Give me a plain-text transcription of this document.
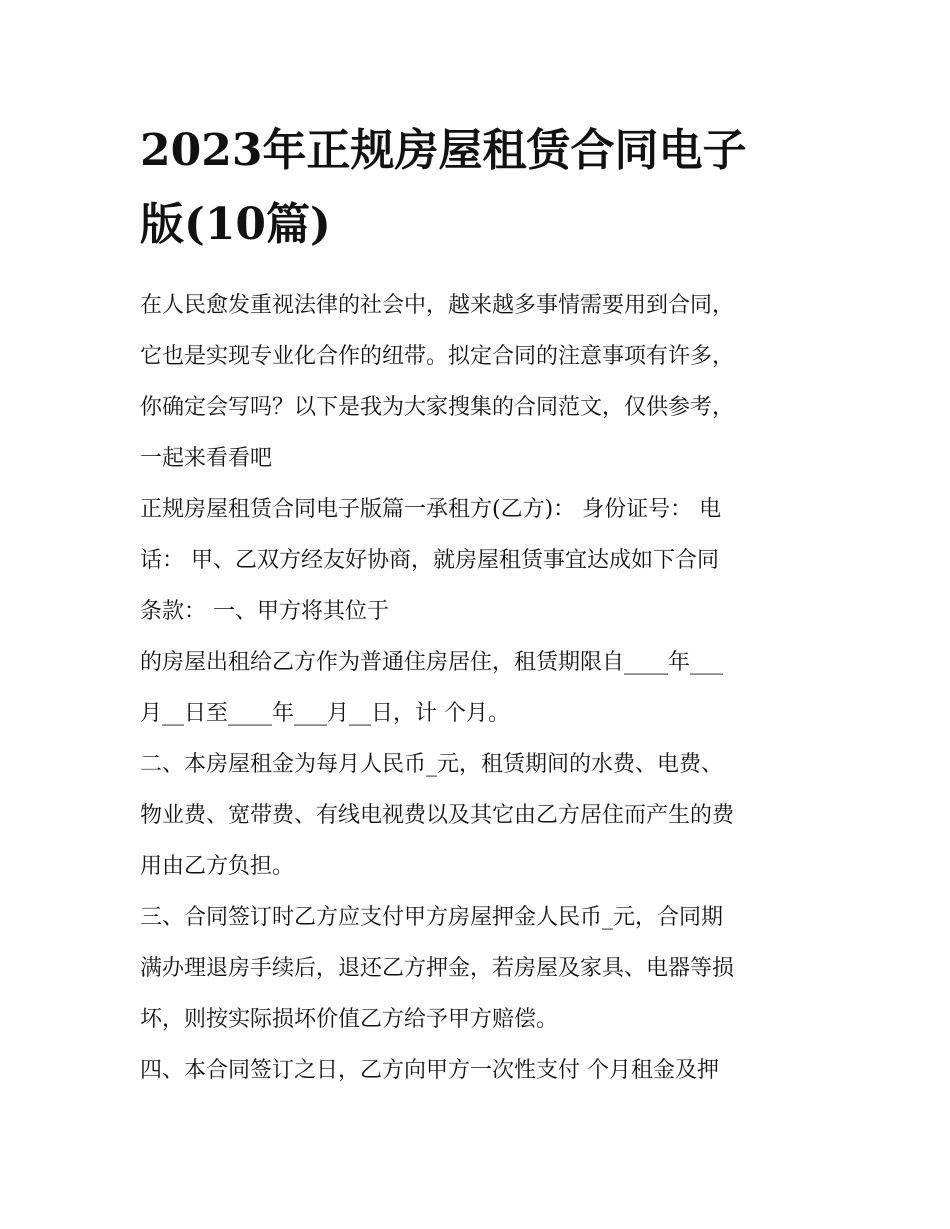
2023年正规房屋租赁合同电子
版(10篇)
在人民愈发重视法律的社会中，越来越多事情需要用到合同，
它也是实现专业化合作的纽带。拟定合同的注意事项有许多，
你确定会写吗？以下是我为大家搜集的合同范文，仅供参考，
一起来看看吧
正规房屋租赁合同电子版篇一承租方(乙方)： 身份证号： 电
话： 甲、乙双方经友好协商，就房屋租赁事宜达成如下合同
条款： 一、甲方将其位于
的房屋出租给乙方作为普通住房居住，租赁期限自____年___
月__日至____年___月__日，计 个月。
二、本房屋租金为每月人民币_元，租赁期间的水费、电费、
物业费、宽带费、有线电视费以及其它由乙方居住而产生的费
用由乙方负担。
三、合同签订时乙方应支付甲方房屋押金人民币_元，合同期
满办理退房手续后，退还乙方押金，若房屋及家具、电器等损
坏，则按实际损坏价值乙方给予甲方赔偿。
四、本合同签订之日，乙方向甲方一次性支付 个月租金及押
